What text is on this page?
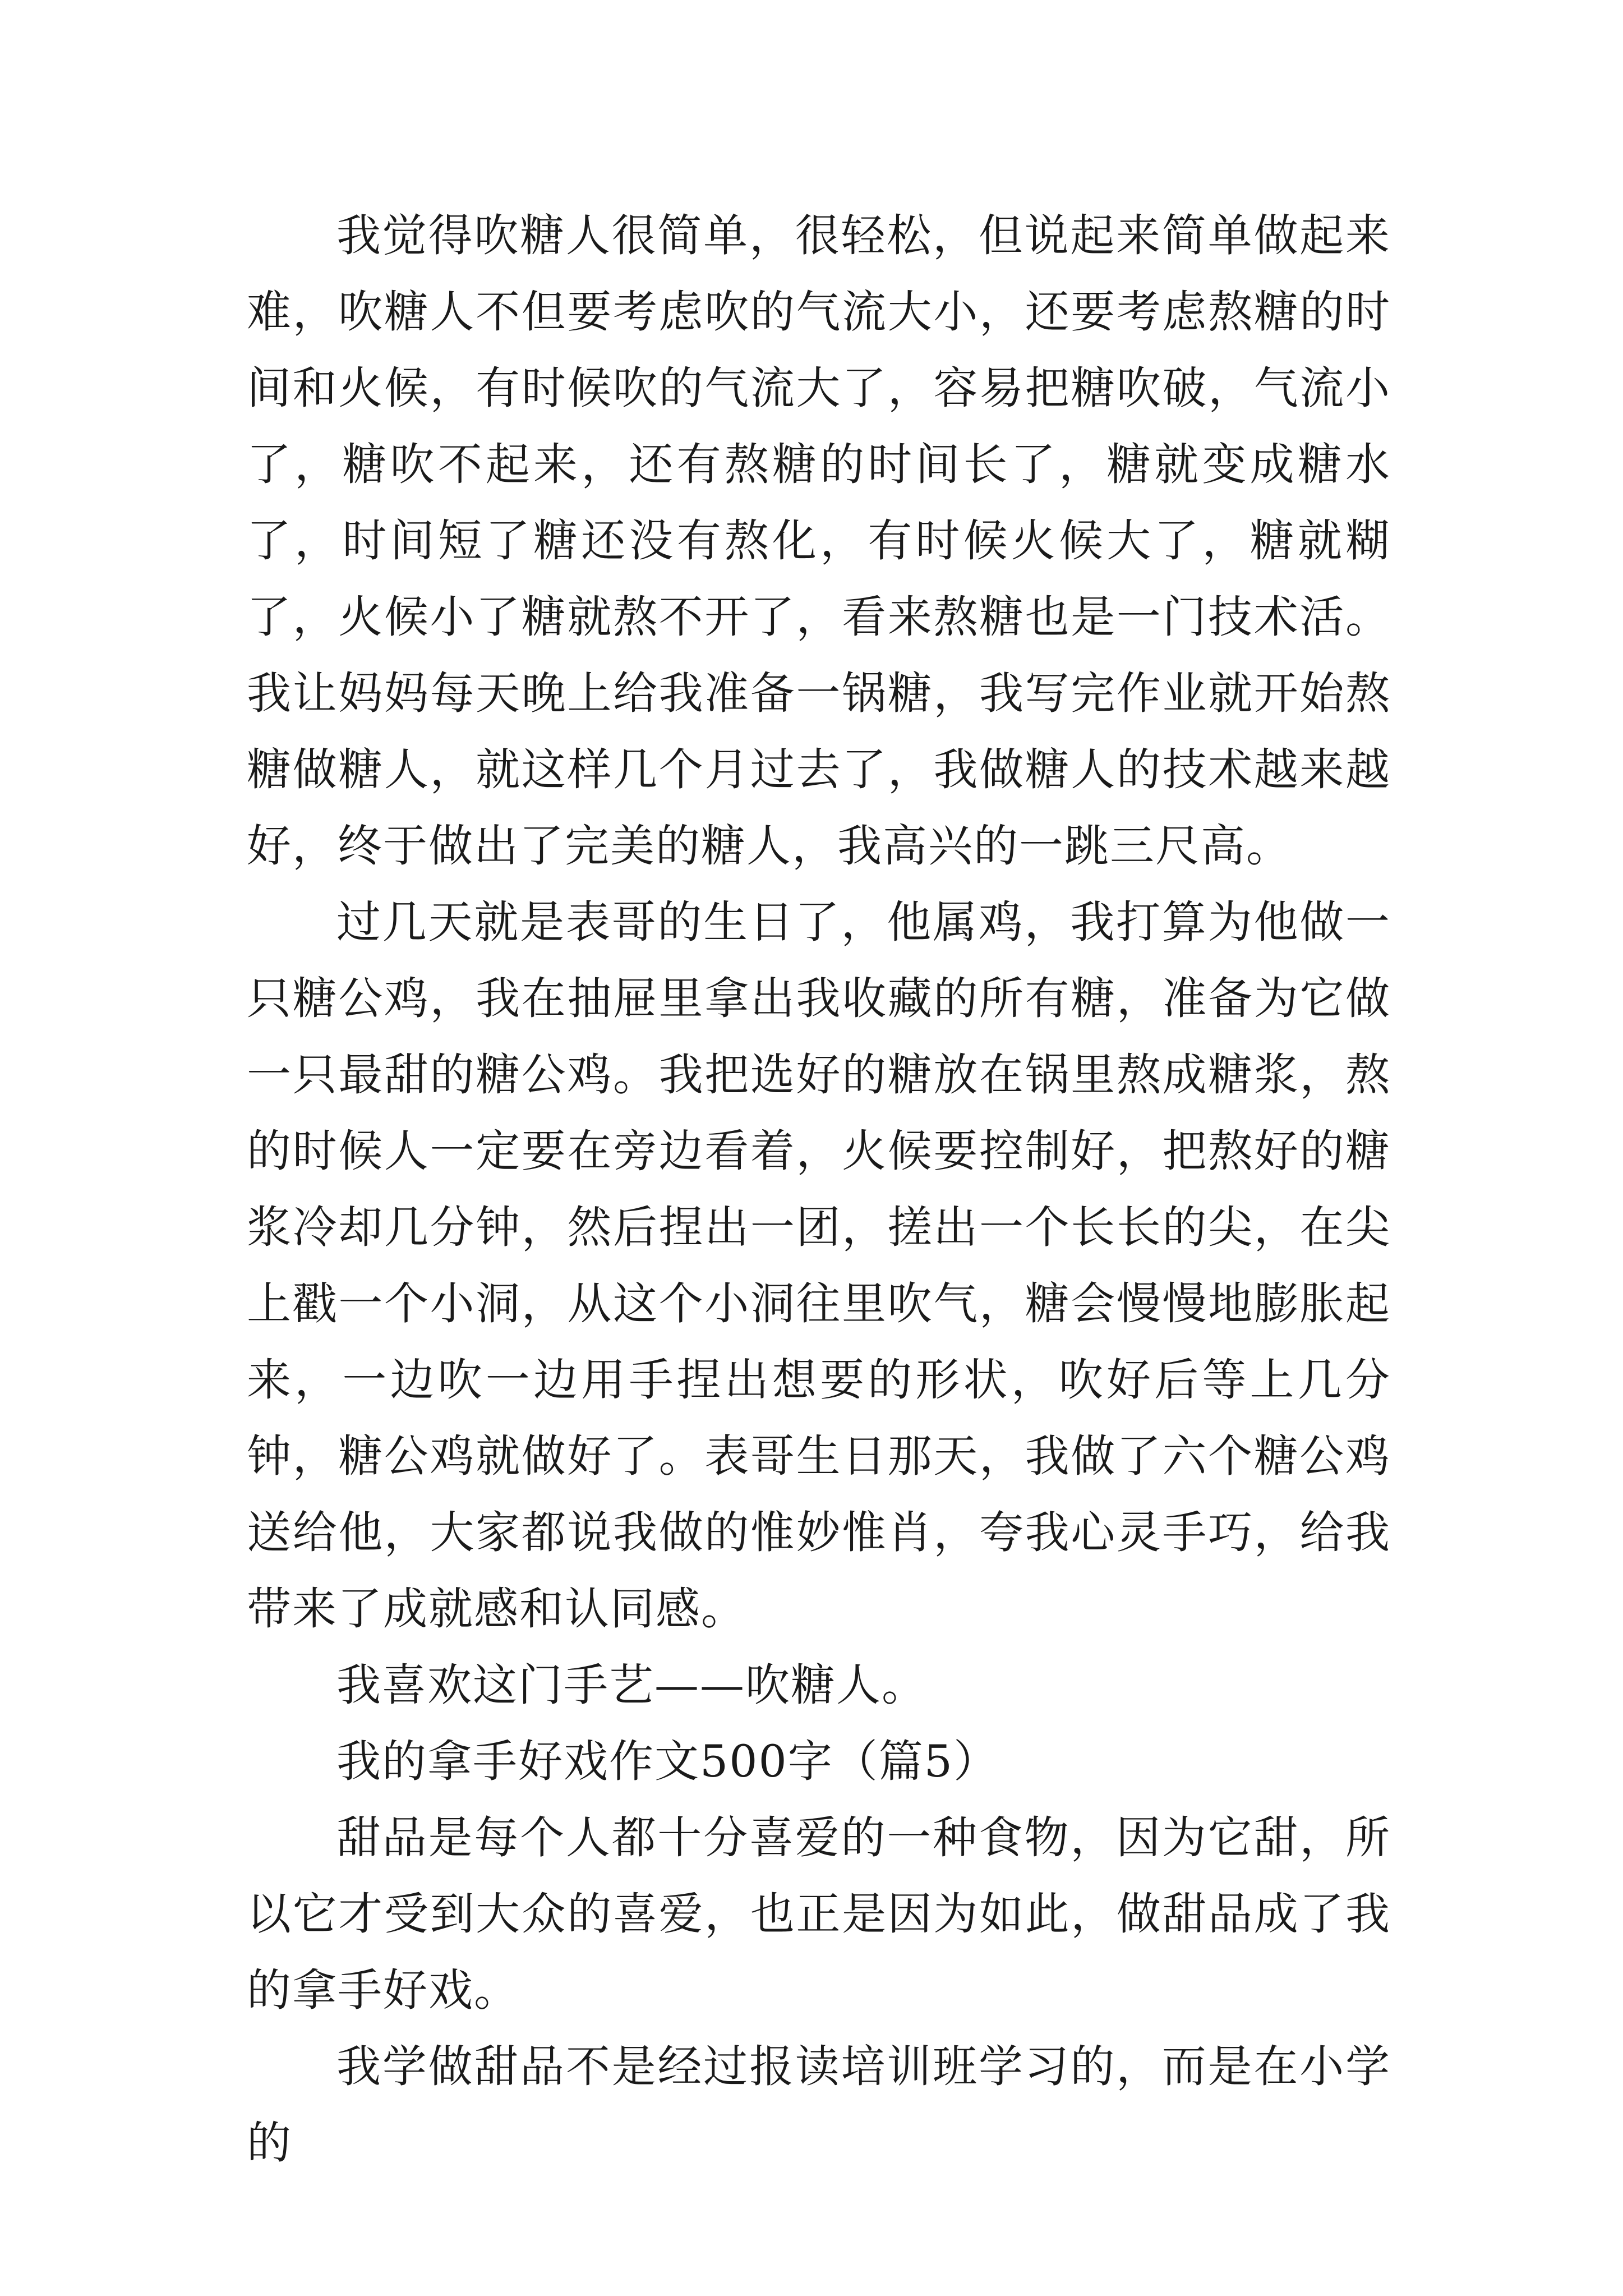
我觉得吹糖人很简单，很轻松，但说起来简单做起来难，吹糖人不但要考虑吹的气流大小，还要考虑熬糖的时间和火候，有时候吹的气流大了，容易把糖吹破，气流小了，糖吹不起来，还有熬糖的时间长了，糖就变成糖水了，时间短了糖还没有熬化，有时候火候大了，糖就糊了，火候小了糖就熬不开了，看来熬糖也是一门技术活。我让妈妈每天晚上给我准备一锅糖，我写完作业就开始熬糖做糖人，就这样几个月过去了，我做糖人的技术越来越好，终于做出了完美的糖人，我高兴的一跳三尺高。

过几天就是表哥的生日了，他属鸡，我打算为他做一只糖公鸡，我在抽屉里拿出我收藏的所有糖，准备为它做一只最甜的糖公鸡。我把选好的糖放在锅里熬成糖浆，熬的时候人一定要在旁边看着，火候要控制好，把熬好的糖浆冷却几分钟，然后捏出一团，搓出一个长长的尖，在尖上戳一个小洞，从这个小洞往里吹气，糖会慢慢地膨胀起来，一边吹一边用手捏出想要的形状，吹好后等上几分钟，糖公鸡就做好了。表哥生日那天，我做了六个糖公鸡送给他，大家都说我做的惟妙惟肖，夸我心灵手巧，给我带来了成就感和认同感。

我喜欢这门手艺——吹糖人。

我的拿手好戏作文500字（篇5）

甜品是每个人都十分喜爱的一种食物，因为它甜，所以它才受到大众的喜爱，也正是因为如此，做甜品成了我的拿手好戏。

我学做甜品不是经过报读培训班学习的，而是在小学的
